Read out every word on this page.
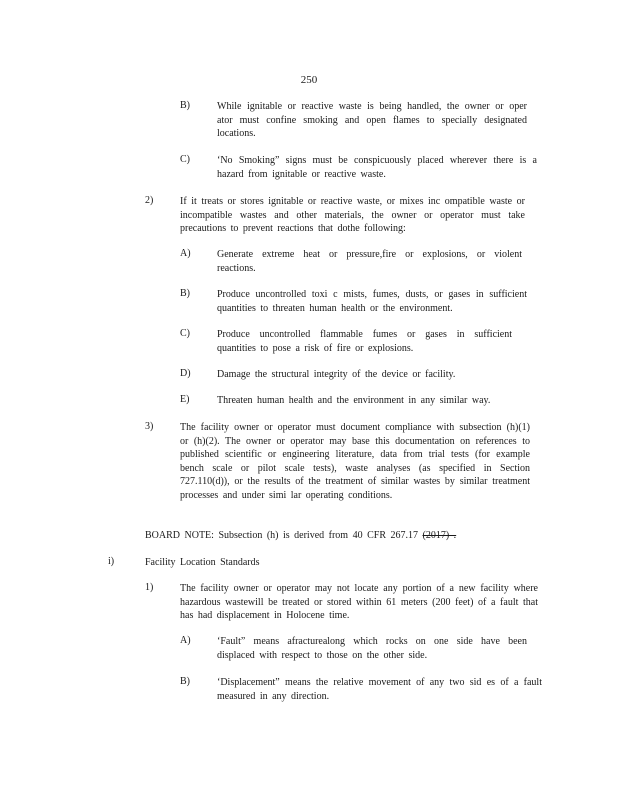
250
B)	While ignitable or reactive waste is being handled, the owner or oper ator must confine smoking and open flames to specially designated locations.
C)	‘No Smoking” signs must be conspicuously placed wherever there is a hazard from ignitable or reactive waste.
2)	If it treats or stores ignitable or reactive waste, or mixes inc ompatible waste or incompatible wastes and other materials, the owner or operator must take precautions to prevent reactions that dothe following:
A)	Generate extreme heat or pressure,fire or explosions, or violent reactions.
B)	Produce uncontrolled toxi c mists, fumes, dusts, or gases in sufficient quantities to threaten human health or the environment.
C)	Produce uncontrolled flammable fumes or gases in sufficient quantities to pose a risk of fire or explosions.
D)	Damage the structural integrity of the device or facility.
E)	Threaten human health and the environment in any similar way.
3)	The facility owner or operator must document compliance with subsection (h)(1) or (h)(2). The owner or operator may base this documentation on references to published scientific or engineering literature, data from trial tests (for example bench scale or pilot scale tests), waste analyses (as specified in Section 727.110(d)), or the results of the treatment of similar wastes by similar treatment processes and under simi lar operating conditions.
BOARD NOTE: Subsection (h) is derived from 40 CFR 267.17 (2017) .
i)	Facility Location Standards
1)	The facility owner or operator may not locate any portion of a new facility where hazardous wastewill be treated or stored within 61 meters (200 feet) of a fault that has had displacement in Holocene time.
A)	‘Fault” means afracturealong which rocks on one side have been displaced with respect to those on the other side.
B)	‘Displacement” means the relative movement of any two sid es of a fault measured in any direction.
